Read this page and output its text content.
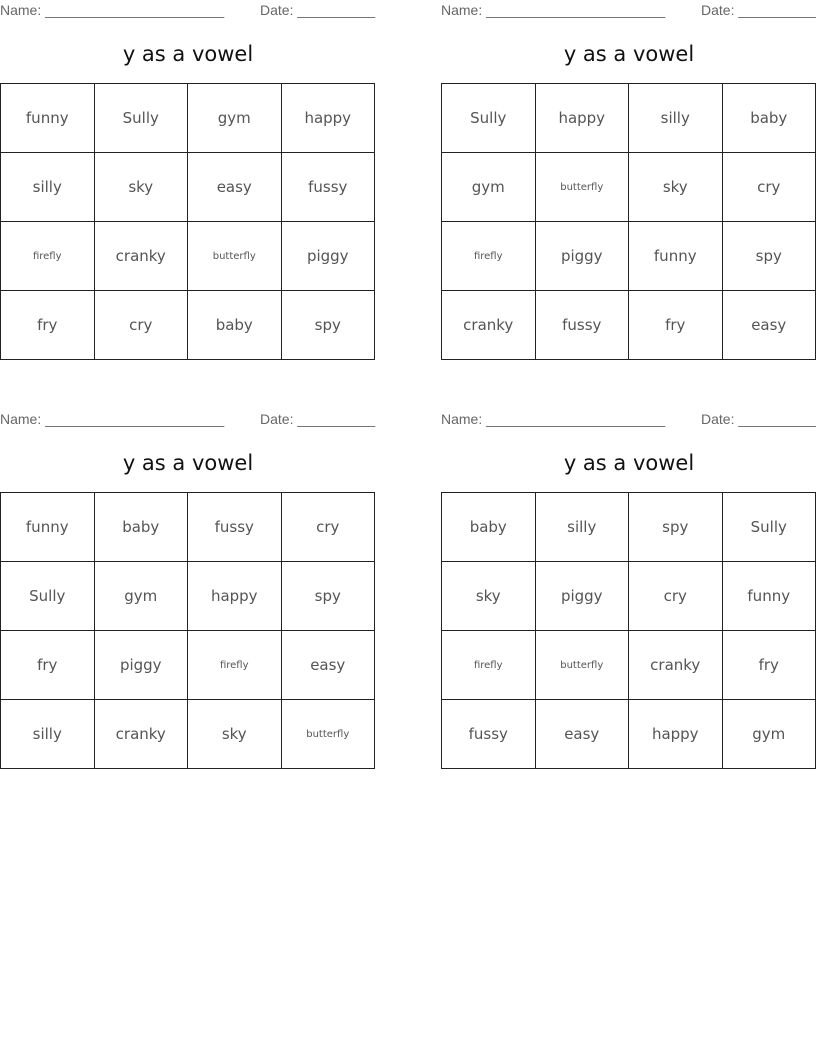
Name: _______________________	Date: __________
y as a vowel
funny	Sully	gym	happy
silly	sky	easy	fussy
firefly	cranky	butterfly	piggy
fry	cry	baby	spy
Name: _______________________	Date: __________
y as a vowel
Sully	happy	silly	baby
gym	butterfly	sky	cry
firefly	piggy	funny	spy
cranky	fussy	fry	easy
Name: _______________________	Date: __________
y as a vowel
funny	baby	fussy	cry
Sully	gym	happy	spy
fry	piggy	firefly	easy
silly	cranky	sky	butterfly
Name: _______________________	Date: __________
y as a vowel
baby	silly	spy	Sully
sky	piggy	cry	funny
firefly	butterfly	cranky	fry
fussy	easy	happy	gym
